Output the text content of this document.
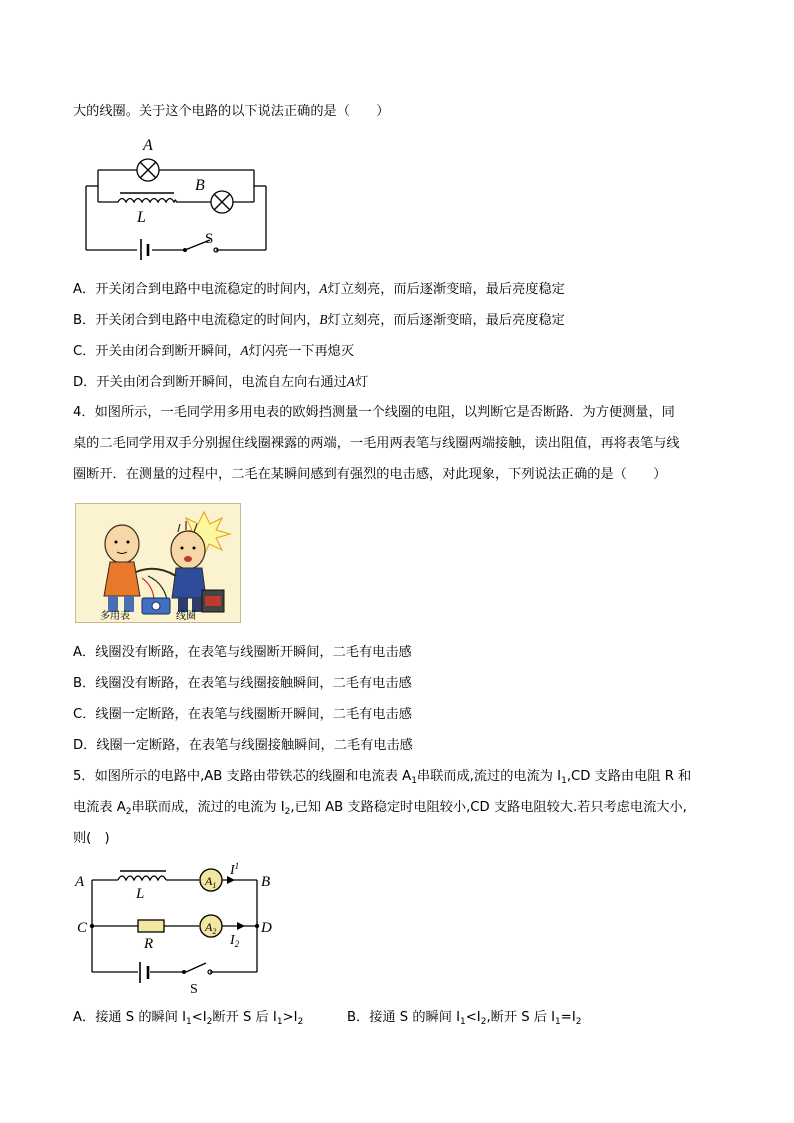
大的线圈。关于这个电路的以下说法正确的是（　　）
A
B
L
S
A．开关闭合到电路中电流稳定的时间内，A灯立刻亮，而后逐渐变暗，最后亮度稳定
B．开关闭合到电路中电流稳定的时间内，B灯立刻亮，而后逐渐变暗，最后亮度稳定
C．开关由闭合到断开瞬间，A灯闪亮一下再熄灭
D．开关由闭合到断开瞬间，电流自左向右通过A灯
4．如图所示，一毛同学用多用电表的欧姆挡测量一个线圈的电阻，以判断它是否断路．为方便测量，同
桌的二毛同学用双手分别握住线圈裸露的两端，一毛用两表笔与线圈两端接触，读出阻值，再将表笔与线
圈断开．在测量的过程中，二毛在某瞬间感到有强烈的电击感，对此现象，下列说法正确的是（　　）
多用表	线圈
A．线圈没有断路，在表笔与线圈断开瞬间，二毛有电击感
B．线圈没有断路，在表笔与线圈接触瞬间，二毛有电击感
C．线圈一定断路，在表笔与线圈断开瞬间，二毛有电击感
D．线圈一定断路，在表笔与线圈接触瞬间，二毛有电击感
5．如图所示的电路中,AB 支路由带铁芯的线圈和电流表 $A_1$串联而成,流过的电流为 $I_1,CD$ 支路由电阻 R 和
电流表 $A_2$串联而成，流过的电流为 $I_2$,已知 AB 支路稳定时电阻较小,CD 支路电阻较大.若只考虑电流大小,
则(　)
A	B
C	D
L
R
S
$A_1$
$A_2$
$I^1$
$I_2$
A．接通 S 的瞬间 $I_1<I_2$断开 S 后 $I_1>I_2$	B．接通 S 的瞬间 $I_1<I_2$,断开 S 后 $I_1=I_2$
